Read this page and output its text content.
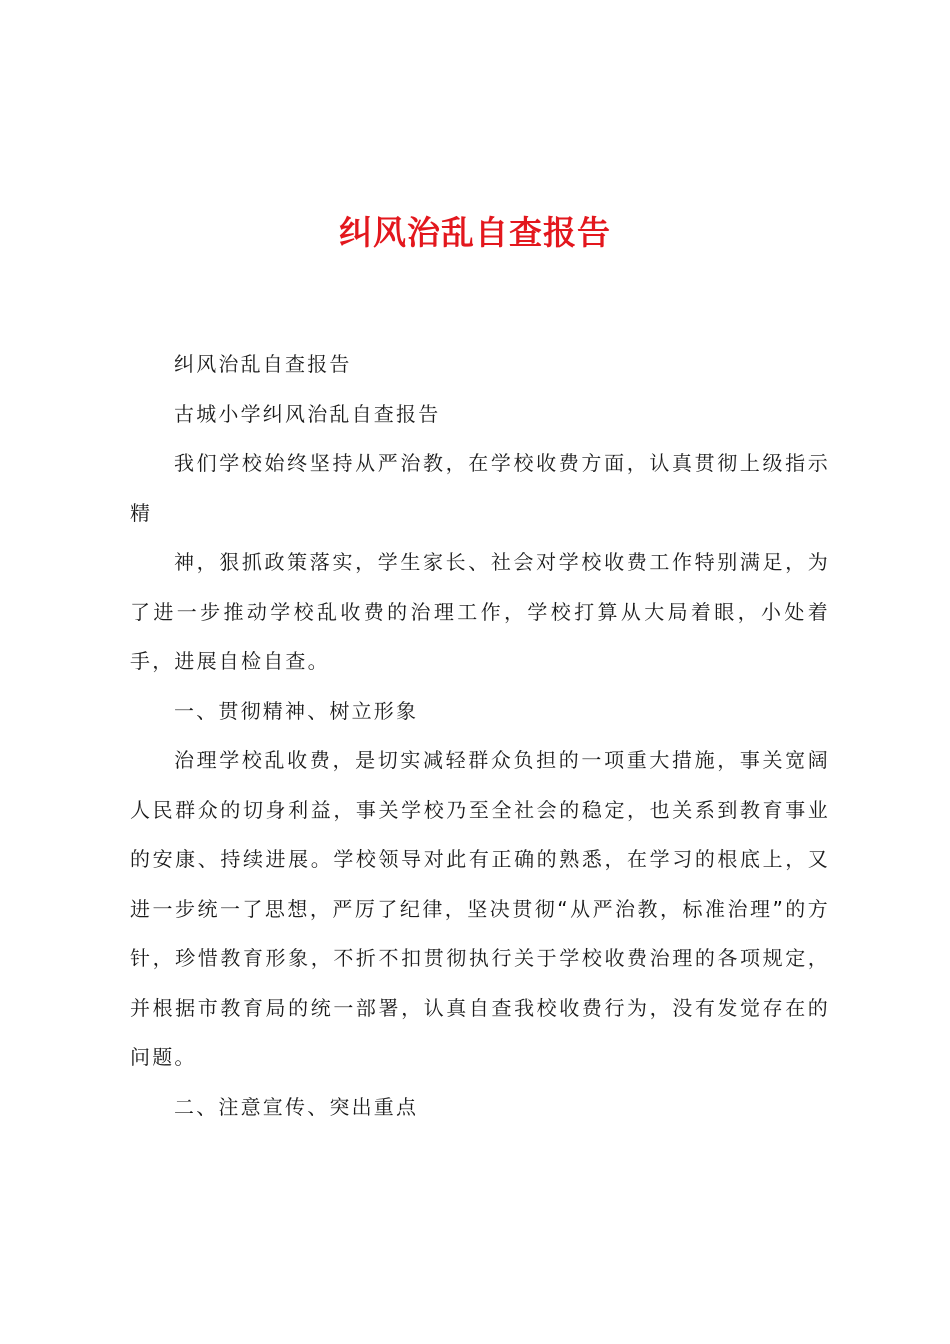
纠风治乱自查报告

纠风治乱自查报告

古城小学纠风治乱自查报告

我们学校始终坚持从严治教，在学校收费方面，认真贯彻上级指示精

神，狠抓政策落实，学生家长、社会对学校收费工作特别满足，为了进一步推动学校乱收费的治理工作，学校打算从大局着眼，小处着手，进展自检自查。

一、贯彻精神、树立形象

治理学校乱收费，是切实减轻群众负担的一项重大措施，事关宽阔人民群众的切身利益，事关学校乃至全社会的稳定，也关系到教育事业的安康、持续进展。学校领导对此有正确的熟悉，在学习的根底上，又进一步统一了思想，严厉了纪律，坚决贯彻“从严治教，标准治理”的方针，珍惜教育形象，不折不扣贯彻执行关于学校收费治理的各项规定，并根据市教育局的统一部署，认真自查我校收费行为，没有发觉存在的问题。

二、注意宣传、突出重点
